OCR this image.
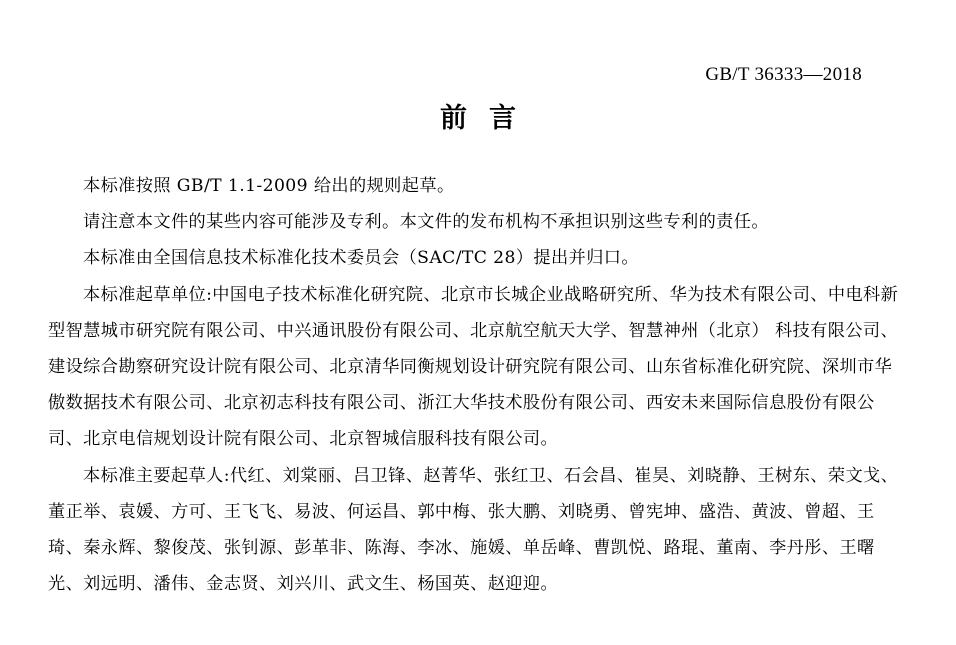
GB/T 36333—2018
前言

本标准按照 GB/T 1.1-2009 给出的规则起草。

请注意本文件的某些内容可能涉及专利。本文件的发布机构不承担识别这些专利的责任。

本标准由全国信息技术标准化技术委员会（SAC/TC 28）提出并归口。

本标准起草单位:中国电子技术标准化研究院、北京市长城企业战略研究所、华为技术有限公司、中电科新型智慧城市研究院有限公司、中兴通讯股份有限公司、北京航空航天大学、智慧神州（北京） 科技有限公司、建设综合勘察研究设计院有限公司、北京清华同衡规划设计研究院有限公司、山东省标准化研究院、深圳市华傲数据技术有限公司、北京初志科技有限公司、浙江大华技术股份有限公司、西安未来国际信息股份有限公司、北京电信规划设计院有限公司、北京智城信服科技有限公司。

本标准主要起草人:代红、刘棠丽、吕卫锋、赵菁华、张红卫、石会昌、崔昊、刘晓静、王树东、荣文戈、董正举、袁媛、方可、王飞飞、易波、何运昌、郭中梅、张大鹏、刘晓勇、曾宪坤、盛浩、黄波、曾超、王琦、秦永辉、黎俊茂、张钊源、彭革非、陈海、李冰、施媛、单岳峰、曹凯悦、路琨、董南、李丹彤、王曙光、刘远明、潘伟、金志贤、刘兴川、武文生、杨国英、赵迎迎。
